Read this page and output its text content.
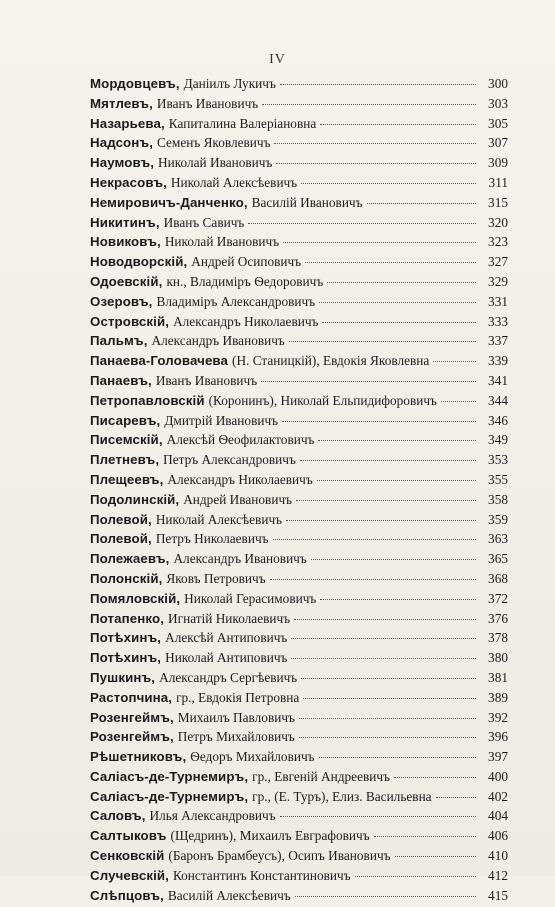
IV
Мордовцевъ, Даніилъ Лукичъ	300
Мятлевъ, Иванъ Ивановичъ	303
Назарьева, Капиталина Валеріановна	305
Надсонъ, Семенъ Яковлевичъ	307
Наумовъ, Николай Ивановичъ	309
Некрасовъ, Николай Алексѣевичъ	311
Немировичъ-Данченко, Василій Ивановичъ	315
Никитинъ, Иванъ Савичъ	320
Новиковъ, Николай Ивановичъ	323
Новодворскій, Андрей Осиповичъ	327
Одоевскій, кн., Владиміръ Ѳедоровичъ	329
Озеровъ, Владиміръ Александровичъ	331
Островскій, Александръ Николаевичъ	333
Пальмъ, Александръ Ивановичъ	337
Панаева-Головачева (Н. Станицкій), Евдокія Яковлевна	339
Панаевъ, Иванъ Ивановичъ	341
Петропавловскій (Коронинъ), Николай Ельпидифоровичъ	344
Писаревъ, Дмитрій Ивановичъ	346
Писемскій, Алексѣй Ѳеофилактовичъ	349
Плетневъ, Петръ Александровичъ	353
Плещеевъ, Александръ Николаевичъ	355
Подолинскій, Андрей Ивановичъ	358
Полевой, Николай Алексѣевичъ	359
Полевой, Петръ Николаевичъ	363
Полежаевъ, Александръ Ивановичъ	365
Полонскій, Яковъ Петровичъ	368
Помяловскій, Николай Герасимовичъ	372
Потапенко, Игнатій Николаевичъ	376
Потѣхинъ, Алексѣй Антиповичъ	378
Потѣхинъ, Николай Антиповичъ	380
Пушкинъ, Александръ Сергѣевичъ	381
Растопчина, гр., Евдокія Петровна	389
Розенгеймъ, Михаилъ Павловичъ	392
Розенгеймъ, Петръ Михайловичъ	396
Рѣшетниковъ, Ѳедоръ Михайловичъ	397
Саліасъ-де-Турнемиръ, гр., Евгеній Андреевичъ	400
Саліасъ-де-Турнемиръ, гр., (Е. Туръ), Елиз. Васильевна	402
Саловъ, Илья Александровичъ	404
Салтыковъ (Щедринъ), Михаилъ Евграфовичъ	406
Сенковскій (Баронъ Брамбеусъ), Осипъ Ивановичъ	410
Случевскій, Константинъ Константиновичъ	412
Слѣпцовъ, Василій Алексѣевичъ	415
